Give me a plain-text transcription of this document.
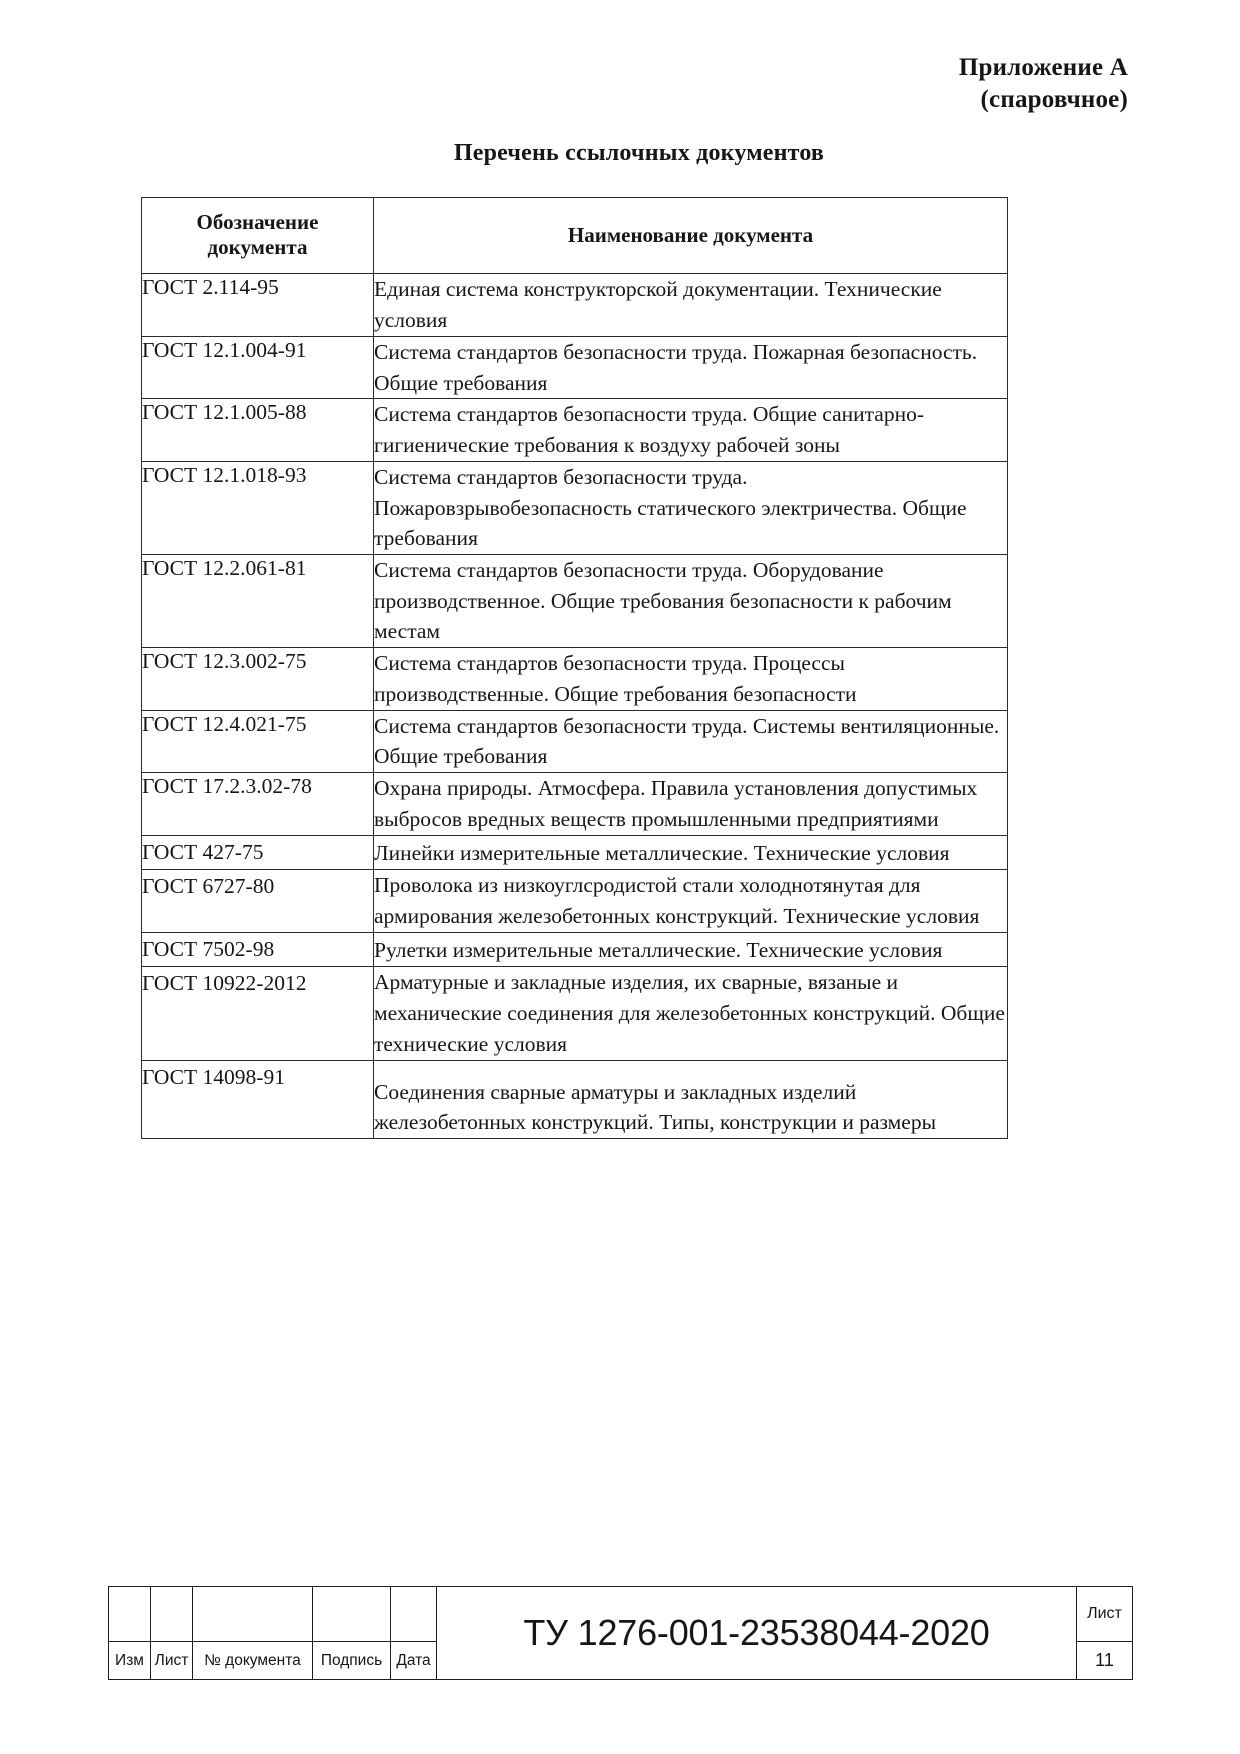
Приложение А
(спаровчное)
Перечень ссылочных документов
Обозначение
документа	Наименование документа
ГОСТ 2.114-95	Единая система конструкторской документации. Технические условия
ГОСТ 12.1.004-91	Система стандартов безопасности труда. Пожарная безопасность. Общие требования
ГОСТ 12.1.005-88	Система стандартов безопасности труда. Общие санитарно- гигиенические требования к воздуху рабочей зоны
ГОСТ 12.1.018-93	Система стандартов безопасности труда. Пожаровзрывобезопасность статического электричества. Общие требования
ГОСТ 12.2.061-81	Система стандартов безопасности труда. Оборудование производственное. Общие требования безопасности к рабочим местам
ГОСТ 12.3.002-75	Система стандартов безопасности труда. Процессы производственные. Общие требования безопасности
ГОСТ 12.4.021-75	Система стандартов безопасности труда. Системы вентиляционные. Общие требования
ГОСТ 17.2.3.02-78	Охрана природы. Атмосфера. Правила установления допустимых выбросов вредных веществ промышленными предприятиями
ГОСТ 427-75	Линейки измерительные металлические. Технические условия
ГОСТ 6727-80	Проволока из низкоуглсродистой стали холоднотянутая для армирования железобетонных конструкций. Технические условия
ГОСТ 7502-98	Рулетки измерительные металлические. Технические условия
ГОСТ 10922-2012	Арматурные и закладные изделия, их сварные, вязаные и механические соединения для железобетонных конструкций. Общие технические условия
ГОСТ 14098-91	Соединения сварные арматуры и закладных изделий железобетонных конструкций. Типы, конструкции и размеры
					ТУ 1276-001-23538044-2020	Лист
Изм	Лист	№ документа	Подпись	Дата		11
